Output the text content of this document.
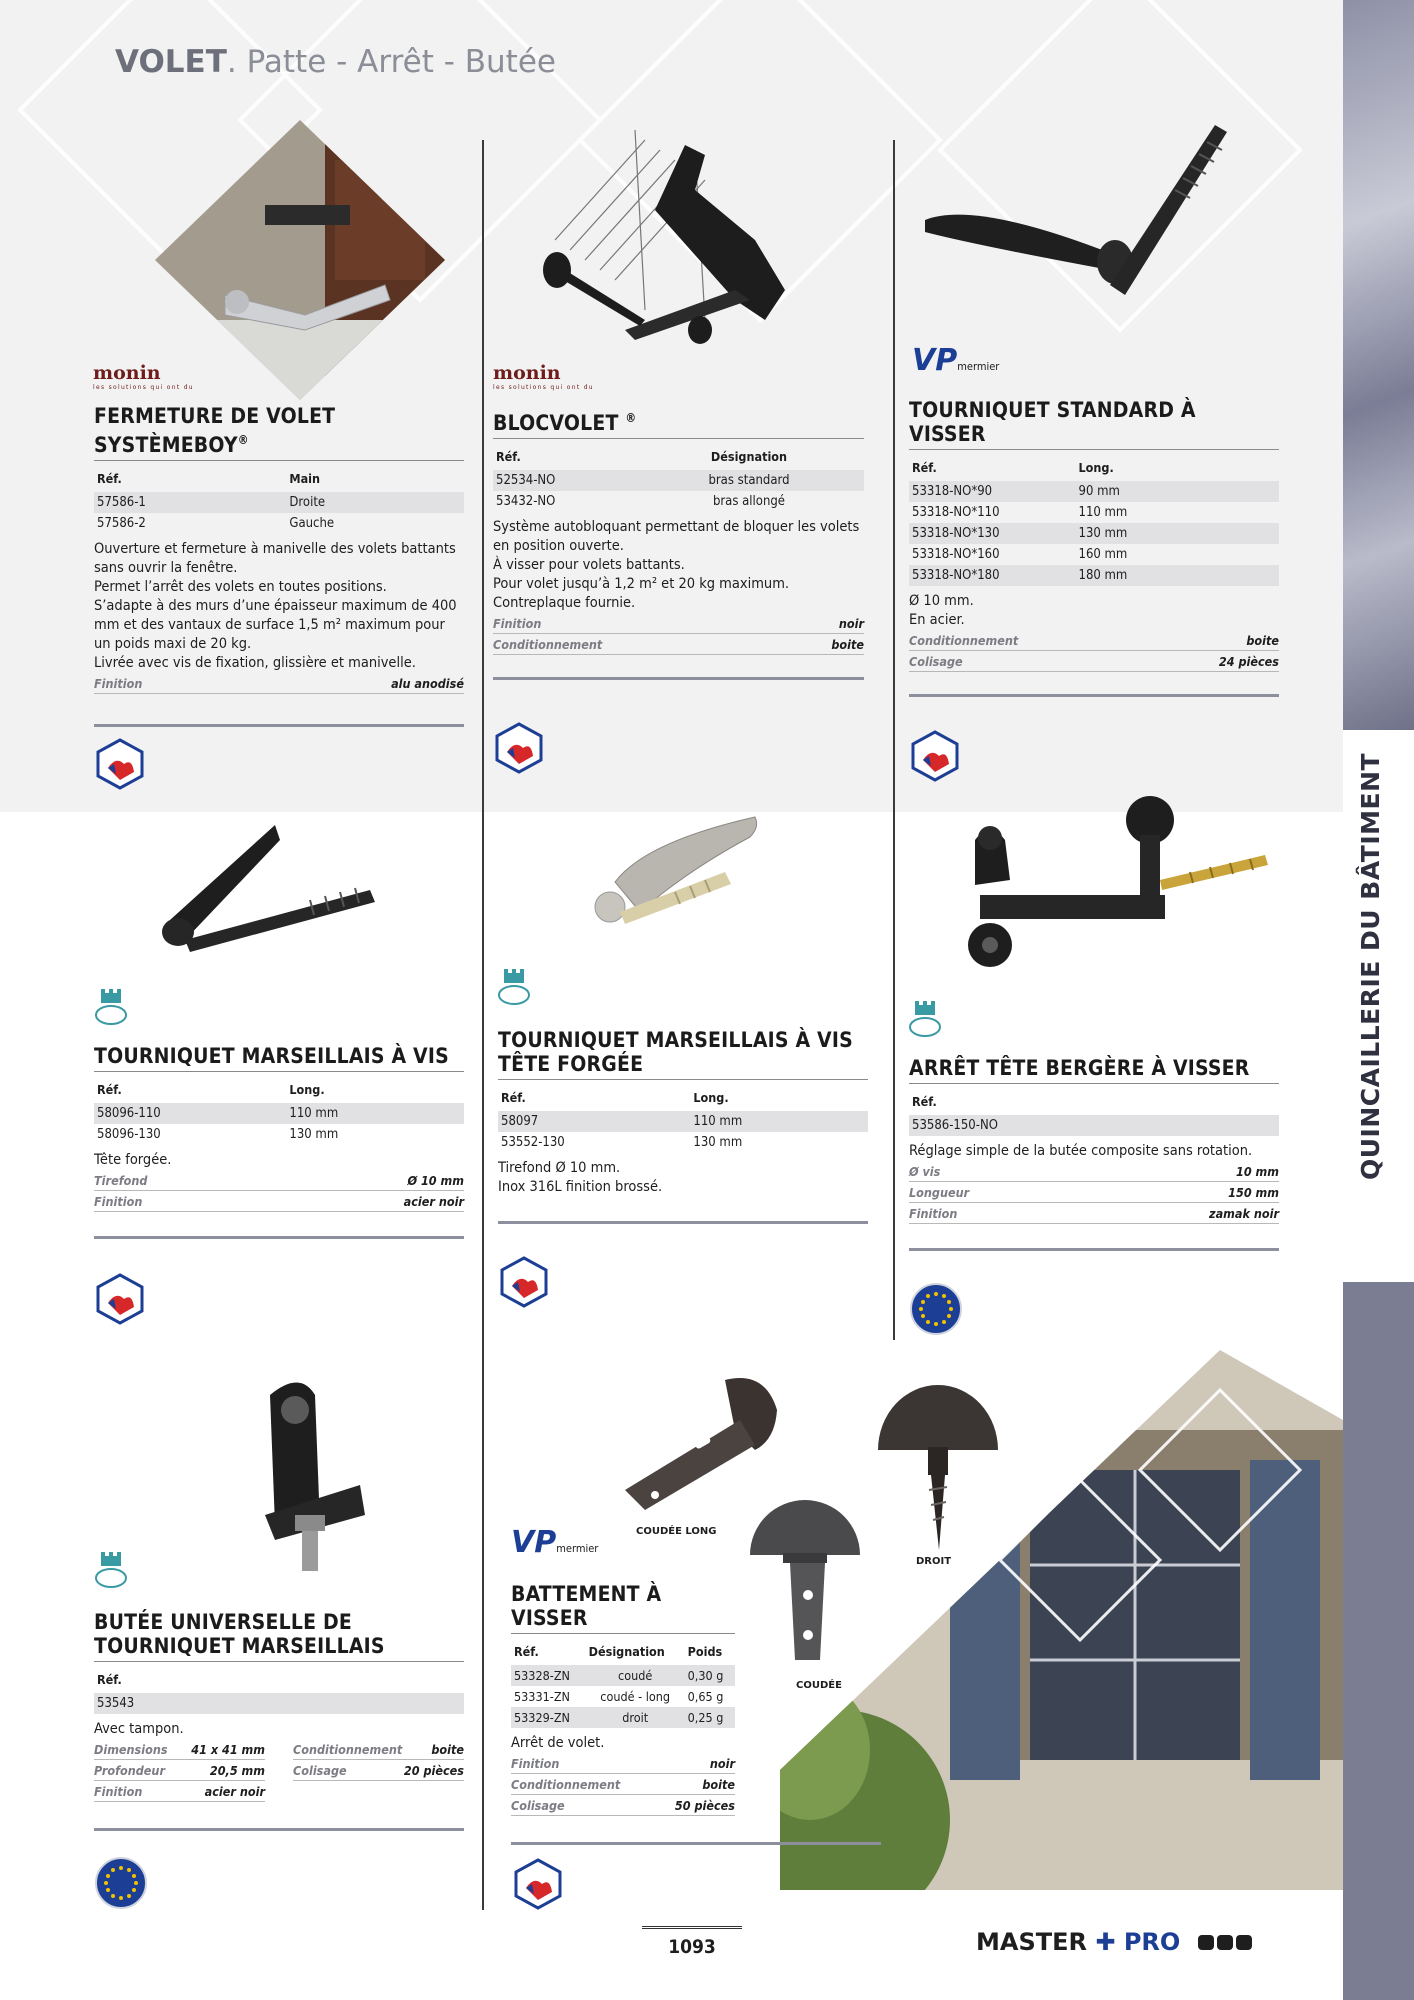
QUINCAILLERIE DU BÂTIMENT
VOLET. Patte - Arrêt - Butée
monin
les solutions qui ont du
FERMETURE DE VOLET SYSTÈMEBOY®
Réf.	Main
57586-1	Droite
57586-2	Gauche
Ouverture et fermeture à manivelle des volets battants sans ouvrir la fenêtre.
Permet l’arrêt des volets en toutes positions.
S’adapte à des murs d’une épaisseur maximum de 400 mm et des vantaux de surface 1,5 m² maximum pour un poids maxi de 20 kg.
Livrée avec vis de fixation, glissière et manivelle.
Finition	alu anodisé
monin
les solutions qui ont du
BLOCVOLET ®
Réf.	Désignation
52534-NO	bras standard
53432-NO	bras allongé
Système autobloquant permettant de bloquer les volets en position ouverte.
À visser pour volets battants.
Pour volet jusqu’à 1,2 m² et 20 kg maximum.
Contreplaque fournie.
Finition	noir
Conditionnement	boite
VPmermier
TOURNIQUET STANDARD À VISSER
Réf.	Long.
53318-NO*90	90 mm
53318-NO*110	110 mm
53318-NO*130	130 mm
53318-NO*160	160 mm
53318-NO*180	180 mm
Ø 10 mm.
En acier.
Conditionnement	boite
Colisage	24 pièces
TOURNIQUET MARSEILLAIS À VIS
Réf.	Long.
58096-110	110 mm
58096-130	130 mm
Tête forgée.
Tirefond	Ø 10 mm
Finition	acier noir
TOURNIQUET MARSEILLAIS À VIS TÊTE FORGÉE
Réf.	Long.
58097	110 mm
53552-130	130 mm
Tirefond Ø 10 mm.
Inox 316L finition brossé.
ARRÊT TÊTE BERGÈRE À VISSER
Réf.
53586-150-NO
Réglage simple de la butée composite sans rotation.
Ø vis	10 mm
Longueur	150 mm
Finition	zamak noir
BUTÉE UNIVERSELLE DE TOURNIQUET MARSEILLAIS
Réf.
53543
Avec tampon.
Dimensions 41 x 41 mm
Profondeur	20,5 mm
Finition	acier noir
Conditionnement boite
Colisage	20 pièces
COUDÉE LONG
DROIT
COUDÉE
VPmermier
BATTEMENT À VISSER
Réf.	Désignation	Poids
53328-ZN	coudé	0,30 g
53331-ZN	coudé - long	0,65 g
53329-ZN	droit	0,25 g
Arrêt de volet.
Finition	noir
Conditionnement	boite
Colisage	50 pièces
1093	MASTER ✚ PRO
